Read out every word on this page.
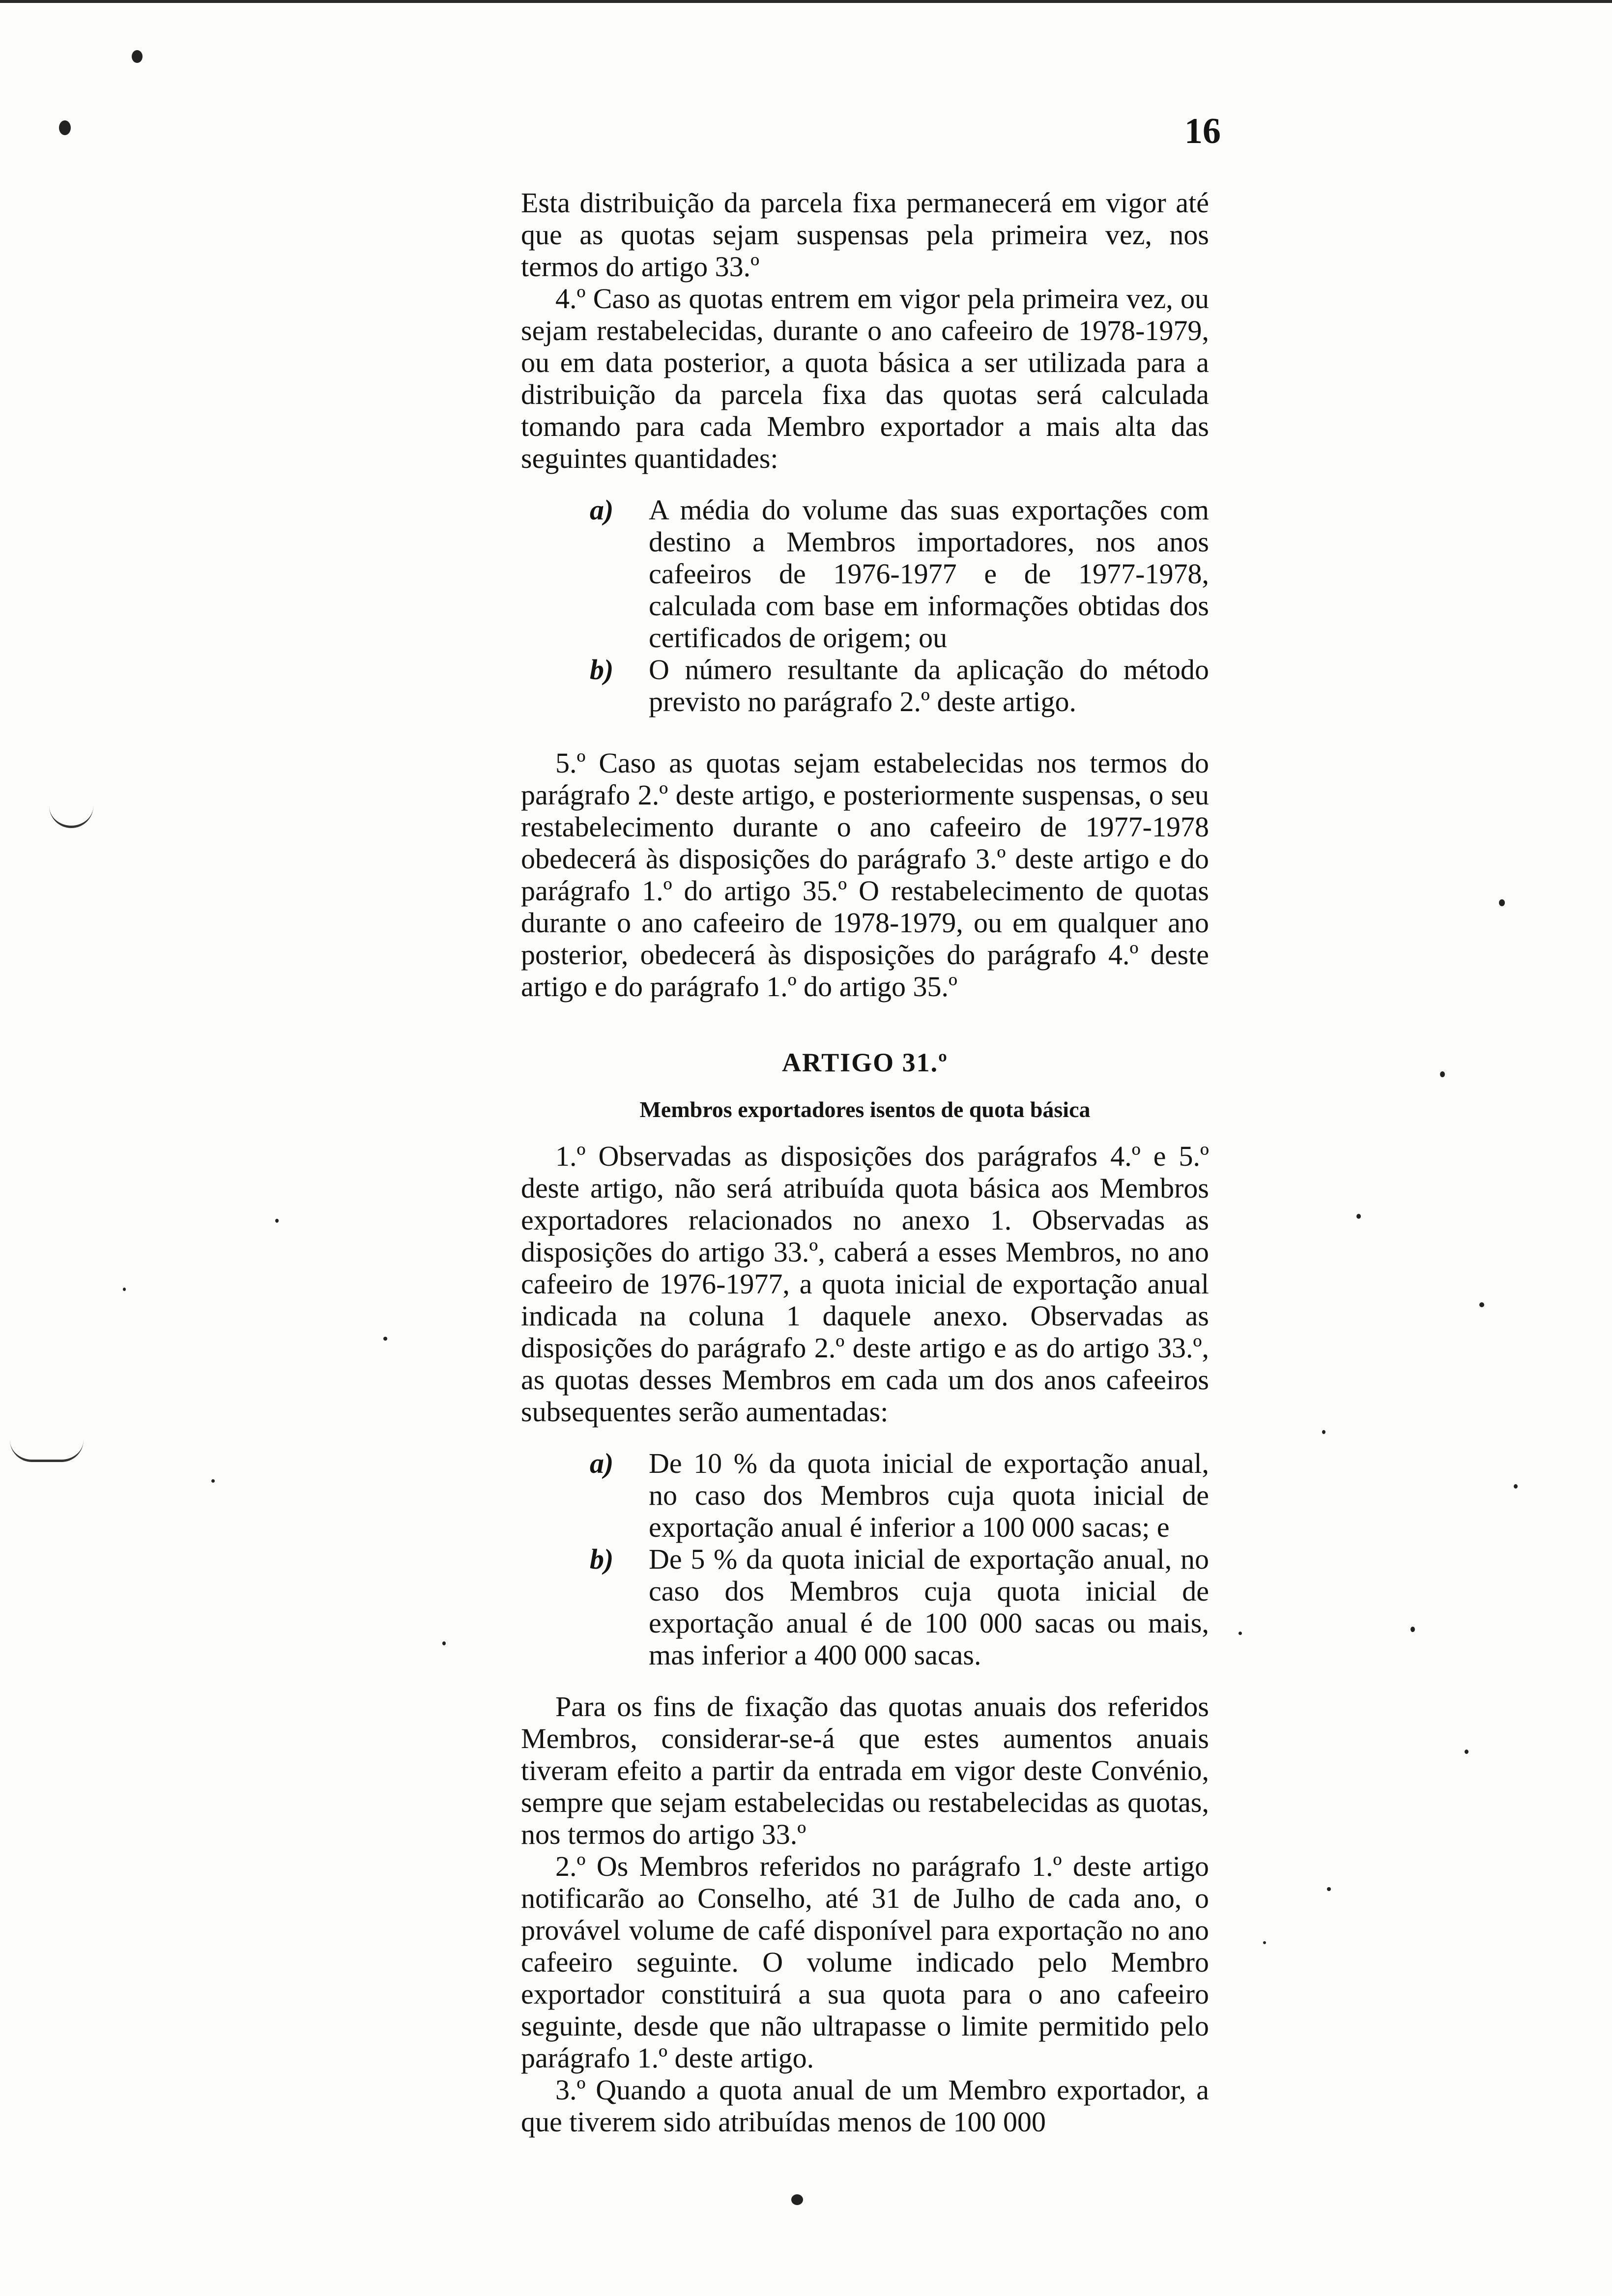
16

Esta distribuição da parcela fixa permanecerá em vigor até que as quotas sejam suspensas pela primeira vez, nos termos do artigo 33.º

4.º Caso as quotas entrem em vigor pela primeira vez, ou sejam restabelecidas, durante o ano cafeeiro de 1978-1979, ou em data posterior, a quota básica a ser utilizada para a distribuição da parcela fixa das quotas será calculada tomando para cada Membro exportador a mais alta das seguintes quantidades:

a) A média do volume das suas exportações com destino a Membros importadores, nos anos cafeeiros de 1976-1977 e de 1977-1978, calculada com base em informações obtidas dos certificados de origem; ou
b) O número resultante da aplicação do método previsto no parágrafo 2.º deste artigo.

5.º Caso as quotas sejam estabelecidas nos termos do parágrafo 2.º deste artigo, e posteriormente suspensas, o seu restabelecimento durante o ano cafeeiro de 1977-1978 obedecerá às disposições do parágrafo 3.º deste artigo e do parágrafo 1.º do artigo 35.º O restabelecimento de quotas durante o ano cafeeiro de 1978-1979, ou em qualquer ano posterior, obedecerá às disposições do parágrafo 4.º deste artigo e do parágrafo 1.º do artigo 35.º

ARTIGO 31.º
Membros exportadores isentos de quota básica

1.º Observadas as disposições dos parágrafos 4.º e 5.º deste artigo, não será atribuída quota básica aos Membros exportadores relacionados no anexo 1. Observadas as disposições do artigo 33.º, caberá a esses Membros, no ano cafeeiro de 1976-1977, a quota inicial de exportação anual indicada na coluna 1 daquele anexo. Observadas as disposições do parágrafo 2.º deste artigo e as do artigo 33.º, as quotas desses Membros em cada um dos anos cafeeiros subsequentes serão aumentadas:

a) De 10 % da quota inicial de exportação anual, no caso dos Membros cuja quota inicial de exportação anual é inferior a 100 000 sacas; e
b) De 5 % da quota inicial de exportação anual, no caso dos Membros cuja quota inicial de exportação anual é de 100 000 sacas ou mais, mas inferior a 400 000 sacas.

Para os fins de fixação das quotas anuais dos referidos Membros, considerar-se-á que estes aumentos anuais tiveram efeito a partir da entrada em vigor deste Convénio, sempre que sejam estabelecidas ou restabelecidas as quotas, nos termos do artigo 33.º

2.º Os Membros referidos no parágrafo 1.º deste artigo notificarão ao Conselho, até 31 de Julho de cada ano, o provável volume de café disponível para exportação no ano cafeeiro seguinte. O volume indicado pelo Membro exportador constituirá a sua quota para o ano cafeeiro seguinte, desde que não ultrapasse o limite permitido pelo parágrafo 1.º deste artigo.

3.º Quando a quota anual de um Membro exportador, a que tiverem sido atribuídas menos de 100 000
